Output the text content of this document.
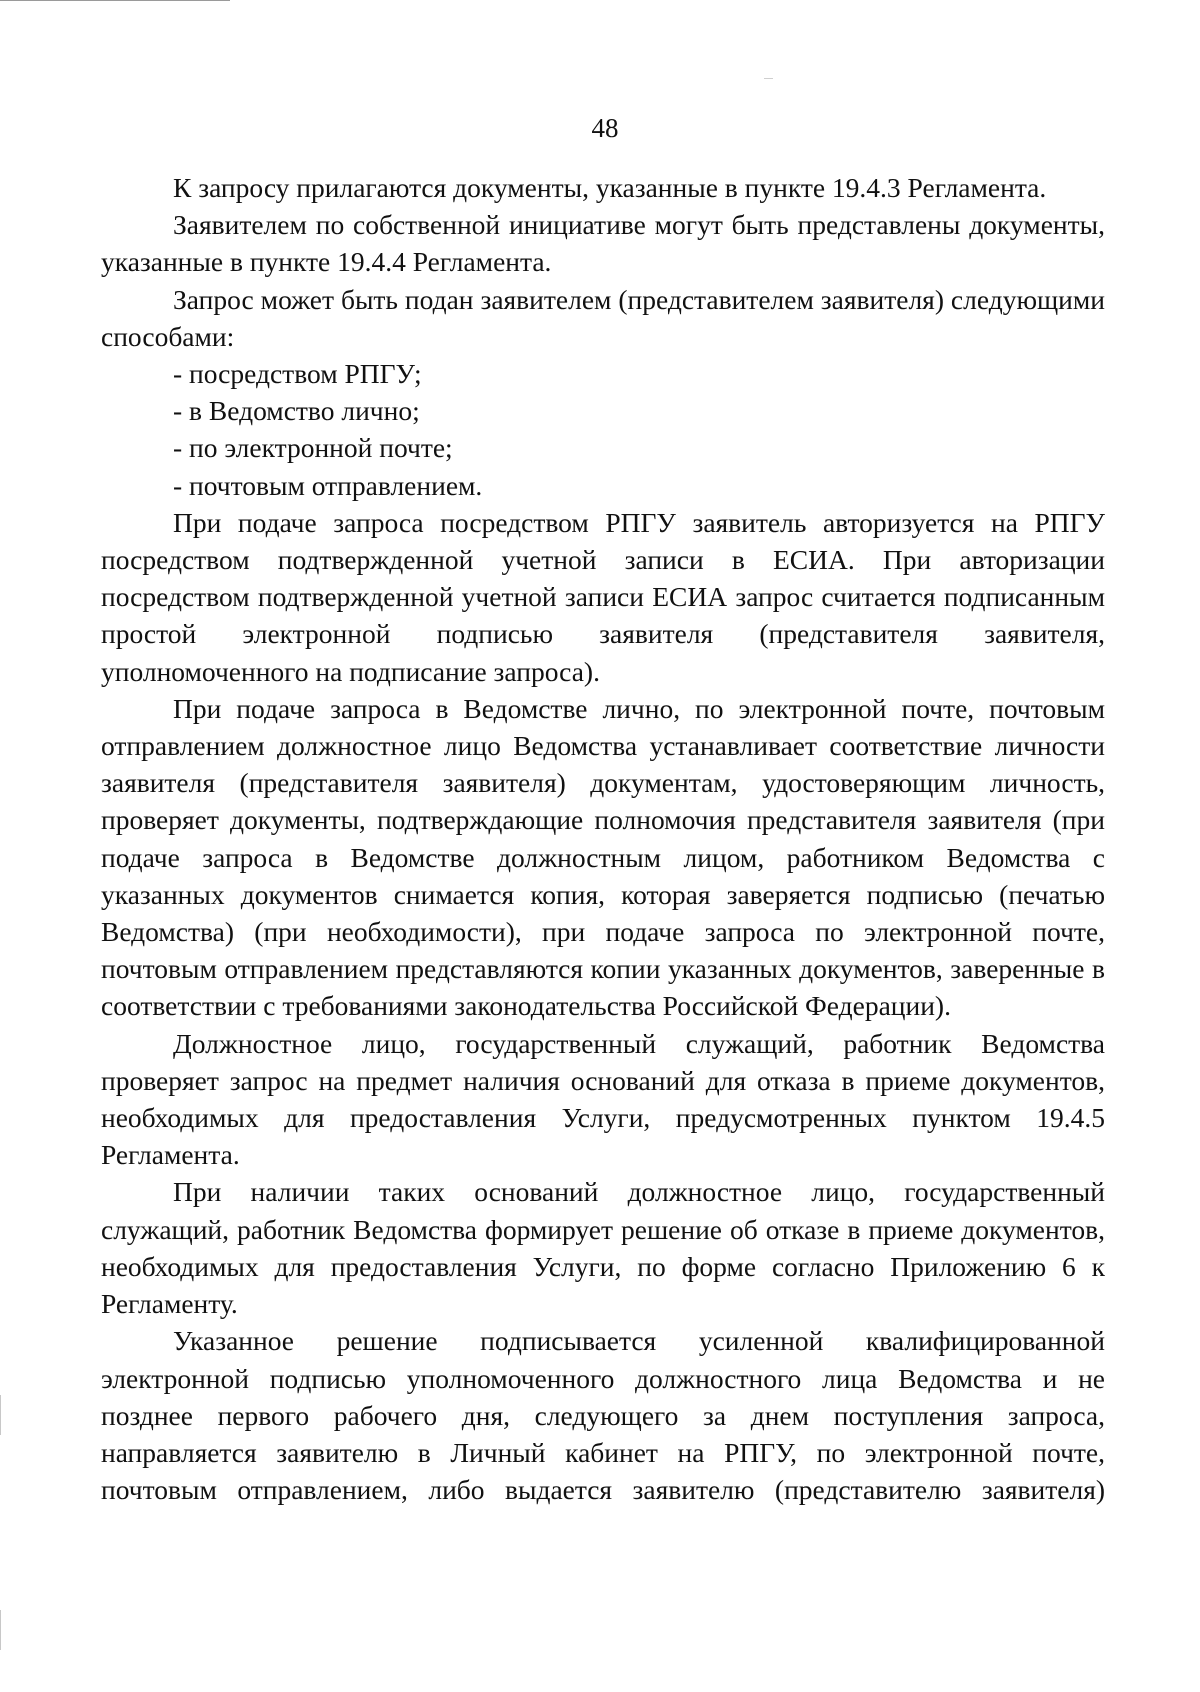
48

К запросу прилагаются документы, указанные в пункте 19.4.3 Регламента.

Заявителем по собственной инициативе могут быть представлены документы, указанные в пункте 19.4.4 Регламента.

Запрос может быть подан заявителем (представителем заявителя) следующими способами:

- посредством РПГУ;

- в Ведомство лично;

- по электронной почте;

- почтовым отправлением.

При подаче запроса посредством РПГУ заявитель авторизуется на РПГУ посредством подтвержденной учетной записи в ЕСИА. При авторизации посредством подтвержденной учетной записи ЕСИА запрос считается подписанным простой электронной подписью заявителя (представителя заявителя, уполномоченного на подписание запроса).

При подаче запроса в Ведомстве лично, по электронной почте, почтовым отправлением должностное лицо Ведомства устанавливает соответствие личности заявителя (представителя заявителя) документам, удостоверяющим личность, проверяет документы, подтверждающие полномочия представителя заявителя (при подаче запроса в Ведомстве должностным лицом, работником Ведомства с указанных документов снимается копия, которая заверяется подписью (печатью Ведомства) (при необходимости), при подаче запроса по электронной почте, почтовым отправлением представляются копии указанных документов, заверенные в соответствии с требованиями законодательства Российской Федерации).

Должностное лицо, государственный служащий, работник Ведомства проверяет запрос на предмет наличия оснований для отказа в приеме документов, необходимых для предоставления Услуги, предусмотренных пунктом 19.4.5 Регламента.

При наличии таких оснований должностное лицо, государственный служащий, работник Ведомства формирует решение об отказе в приеме документов, необходимых для предоставления Услуги, по форме согласно Приложению 6 к Регламенту.

Указанное решение подписывается усиленной квалифицированной электронной подписью уполномоченного должностного лица Ведомства и не позднее первого рабочего дня, следующего за днем поступления запроса, направляется заявителю в Личный кабинет на РПГУ, по электронной почте, почтовым отправлением, либо выдается заявителю (представителю заявителя)
